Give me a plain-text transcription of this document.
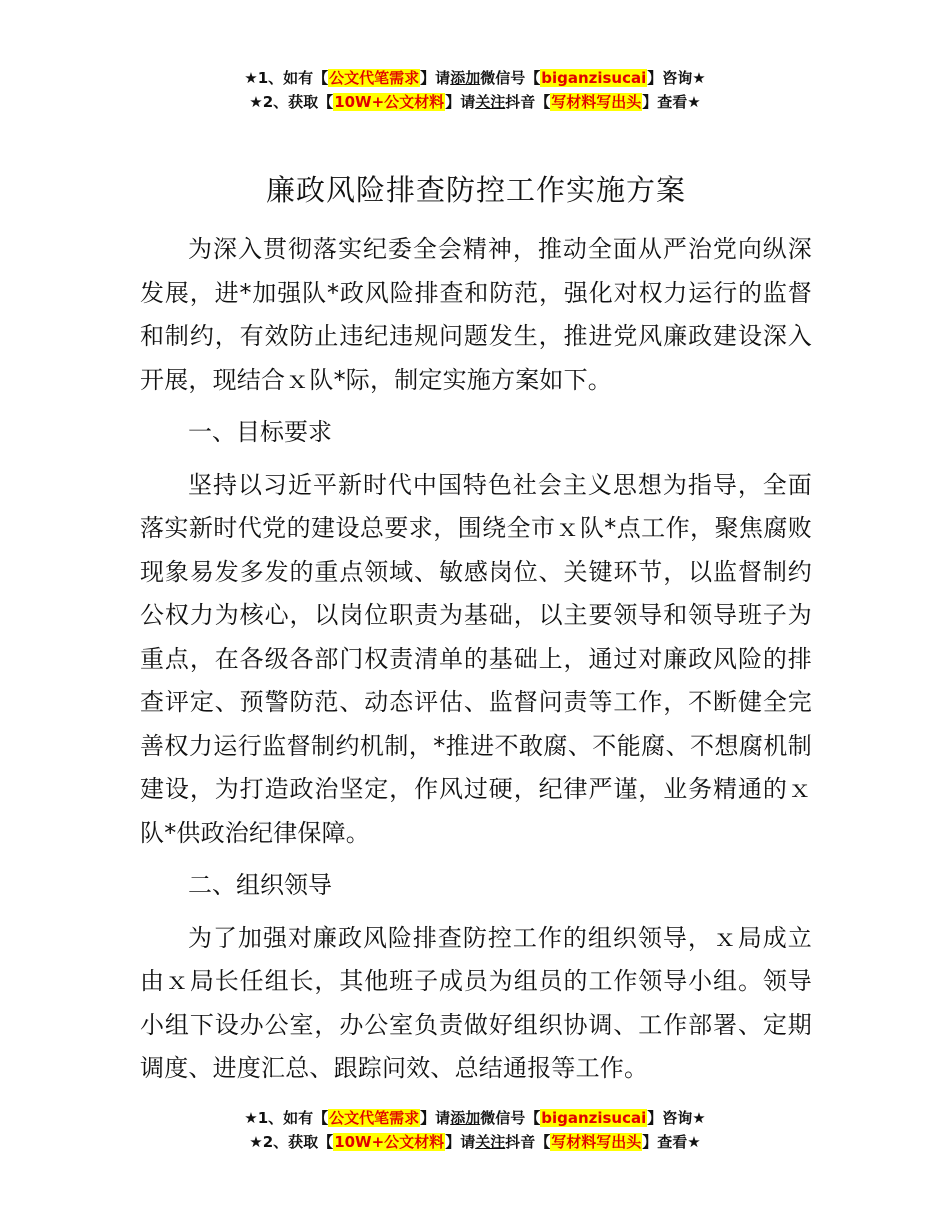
★1、如有【公文代笔需求】请添加微信号【biganzisucai】咨询★
★2、获取【10W+公文材料】请关注抖音【写材料写出头】查看★
廉政风险排查防控工作实施方案

为深入贯彻落实纪委全会精神，推动全面从严治党向纵深发展，进*加强队*政风险排查和防范，强化对权力运行的监督和制约，有效防止违纪违规问题发生，推进党风廉政建设深入开展，现结合ｘ队*际，制定实施方案如下。

一、目标要求

坚持以习近平新时代中国特色社会主义思想为指导，全面落实新时代党的建设总要求，围绕全市ｘ队*点工作，聚焦腐败现象易发多发的重点领域、敏感岗位、关键环节，以监督制约公权力为核心，以岗位职责为基础，以主要领导和领导班子为重点，在各级各部门权责清单的基础上，通过对廉政风险的排查评定、预警防范、动态评估、监督问责等工作，不断健全完善权力运行监督制约机制，*推进不敢腐、不能腐、不想腐机制建设，为打造政治坚定，作风过硬，纪律严谨，业务精通的ｘ队*供政治纪律保障。

二、组织领导

为了加强对廉政风险排查防控工作的组织领导，ｘ局成立由ｘ局长任组长，其他班子成员为组员的工作领导小组。领导小组下设办公室，办公室负责做好组织协调、工作部署、定期调度、进度汇总、跟踪问效、总结通报等工作。

★1、如有【公文代笔需求】请添加微信号【biganzisucai】咨询★
★2、获取【10W+公文材料】请关注抖音【写材料写出头】查看★
